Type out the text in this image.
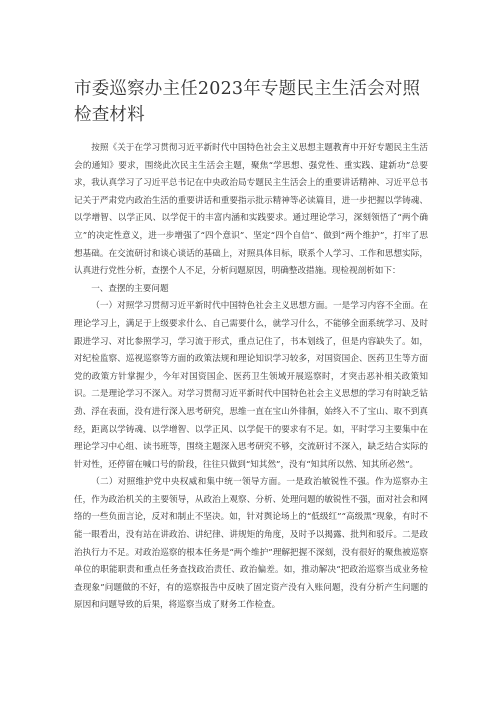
市委巡察办主任2023年专题民主生活会对照检查材料

按照《关于在学习贯彻习近平新时代中国特色社会主义思想主题教育中开好专题民主生活会的通知》要求，围绕此次民主生活会主题，聚焦“学思想、强党性、重实践、建新功”总要求，我认真学习了习近平总书记在中央政治局专题民主生活会上的重要讲话精神、习近平总书记关于严肃党内政治生活的重要讲话和重要指示批示精神等必读篇目，进一步把握以学铸魂、以学增智、以学正风、以学促干的丰富内涵和实践要求。通过理论学习，深刻领悟了“两个确立”的决定性意义，进一步增强了“四个意识”、坚定“四个自信”、做到“两个维护”，打牢了思想基础。在交流研讨和谈心谈话的基础上，对照具体目标，联系个人学习、工作和思想实际，认真进行党性分析，查摆个人不足，分析问题原因，明确整改措施。现检视剖析如下：

一、查摆的主要问题

（一）对照学习贯彻习近平新时代中国特色社会主义思想方面。一是学习内容不全面。在理论学习上，满足于上级要求什么、自己需要什么，就学习什么，不能够全面系统学习、及时跟进学习、对比参照学习，学习流于形式，重点记住了，书本划线了，但是内容缺失了。如，对纪检监察、巡视巡察等方面的政策法规和理论知识学习较多，对国资国企、医药卫生等方面党的政策方针掌握少，今年对国资国企、医药卫生领域开展巡察时，才突击恶补相关政策知识。二是理论学习不深入。对学习贯彻习近平新时代中国特色社会主义思想的学习有时缺乏钻劲、浮在表面，没有进行深入思考研究，思维一直在宝山外徘徊，始终入不了宝山、取不到真经，距离以学铸魂、以学增智、以学正风、以学促干的要求有不足。如，平时学习主要集中在理论学习中心组、读书班等，围绕主题深入思考研究不够，交流研讨不深入，缺乏结合实际的针对性，还停留在喊口号的阶段，往往只做到“知其然”，没有“知其所以然、知其所必然”。

（二）对照维护党中央权威和集中统一领导方面。一是政治敏锐性不强。作为巡察办主任，作为政治机关的主要领导，从政治上观察、分析、处理问题的敏锐性不强，面对社会和网络的一些负面言论，反对和制止不坚决。如，针对舆论场上的“低级红”“高级黑”现象，有时不能一眼看出，没有站在讲政治、讲纪律、讲规矩的角度，及时予以揭露、批判和驳斥。二是政治执行力不足。对政治巡察的根本任务是“两个维护”理解把握不深刻，没有很好的聚焦被巡察单位的职能职责和重点任务查找政治责任、政治偏差。如，推动解决“把政治巡察当成业务检查现象”问题做的不好，有的巡察报告中反映了固定资产没有入账问题，没有分析产生问题的原因和问题导致的后果，将巡察当成了财务工作检查。
